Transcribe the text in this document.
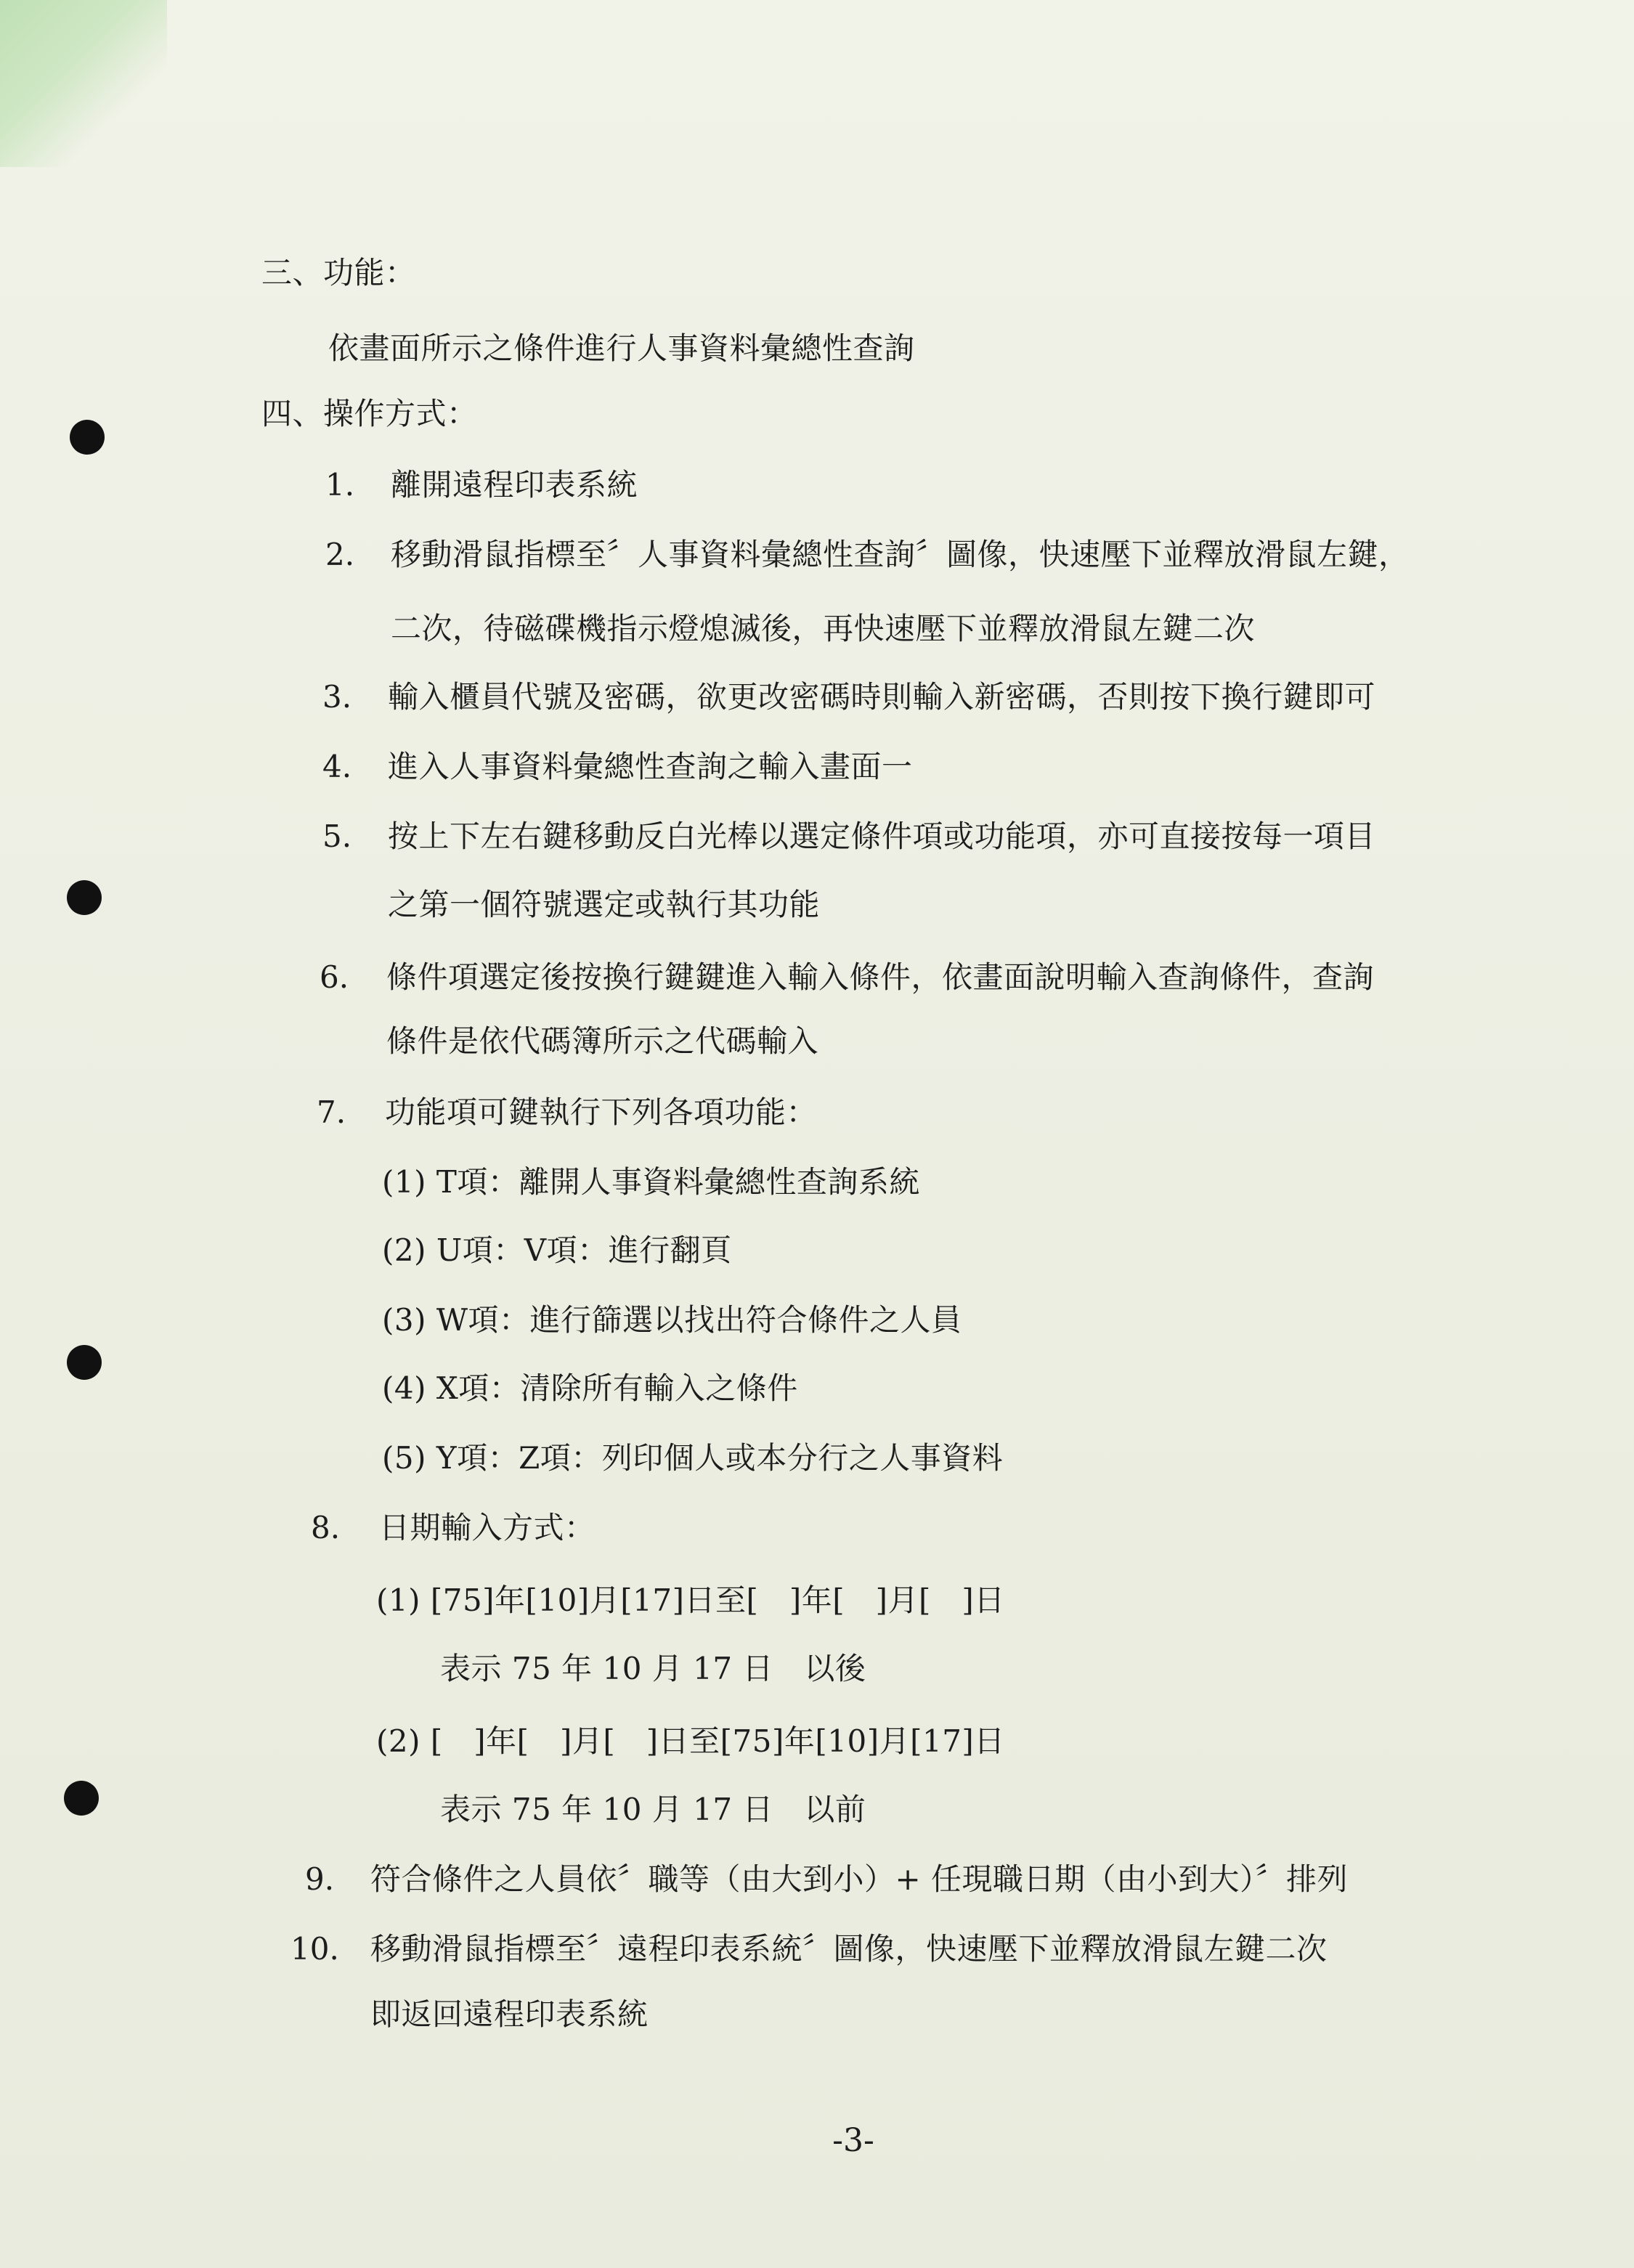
三、功能：
依畫面所示之條件進行人事資料彙總性查詢
四、操作方式：
1. 離開遠程印表系統
2. 移動滑鼠指標至〞人事資料彙總性查詢〞圖像，快速壓下並釋放滑鼠左鍵，
二次，待磁碟機指示燈熄滅後，再快速壓下並釋放滑鼠左鍵二次
3. 輸入櫃員代號及密碼，欲更改密碼時則輸入新密碼，否則按下換行鍵即可
4. 進入人事資料彙總性查詢之輸入畫面一
5. 按上下左右鍵移動反白光棒以選定條件項或功能項，亦可直接按每一項目
之第一個符號選定或執行其功能
6. 條件項選定後按換行鍵鍵進入輸入條件，依畫面說明輸入查詢條件，查詢
條件是依代碼簿所示之代碼輸入
7. 功能項可鍵執行下列各項功能：
(1) T項：離開人事資料彙總性查詢系統
(2) U項：V項：進行翻頁
(3) W項：進行篩選以找出符合條件之人員
(4) X項：清除所有輸入之條件
(5) Y項：Z項：列印個人或本分行之人事資料
8. 日期輸入方式：
(1) [75]年[10]月[17]日至[　]年[　]月[　]日
表示 75 年 10 月 17 日　以後
(2) [　]年[　]月[　]日至[75]年[10]月[17]日
表示 75 年 10 月 17 日　以前
9. 符合條件之人員依〞職等（由大到小）+ 任現職日期（由小到大）〞排列
10. 移動滑鼠指標至〞遠程印表系統〞圖像，快速壓下並釋放滑鼠左鍵二次
即返回遠程印表系統
-3-
